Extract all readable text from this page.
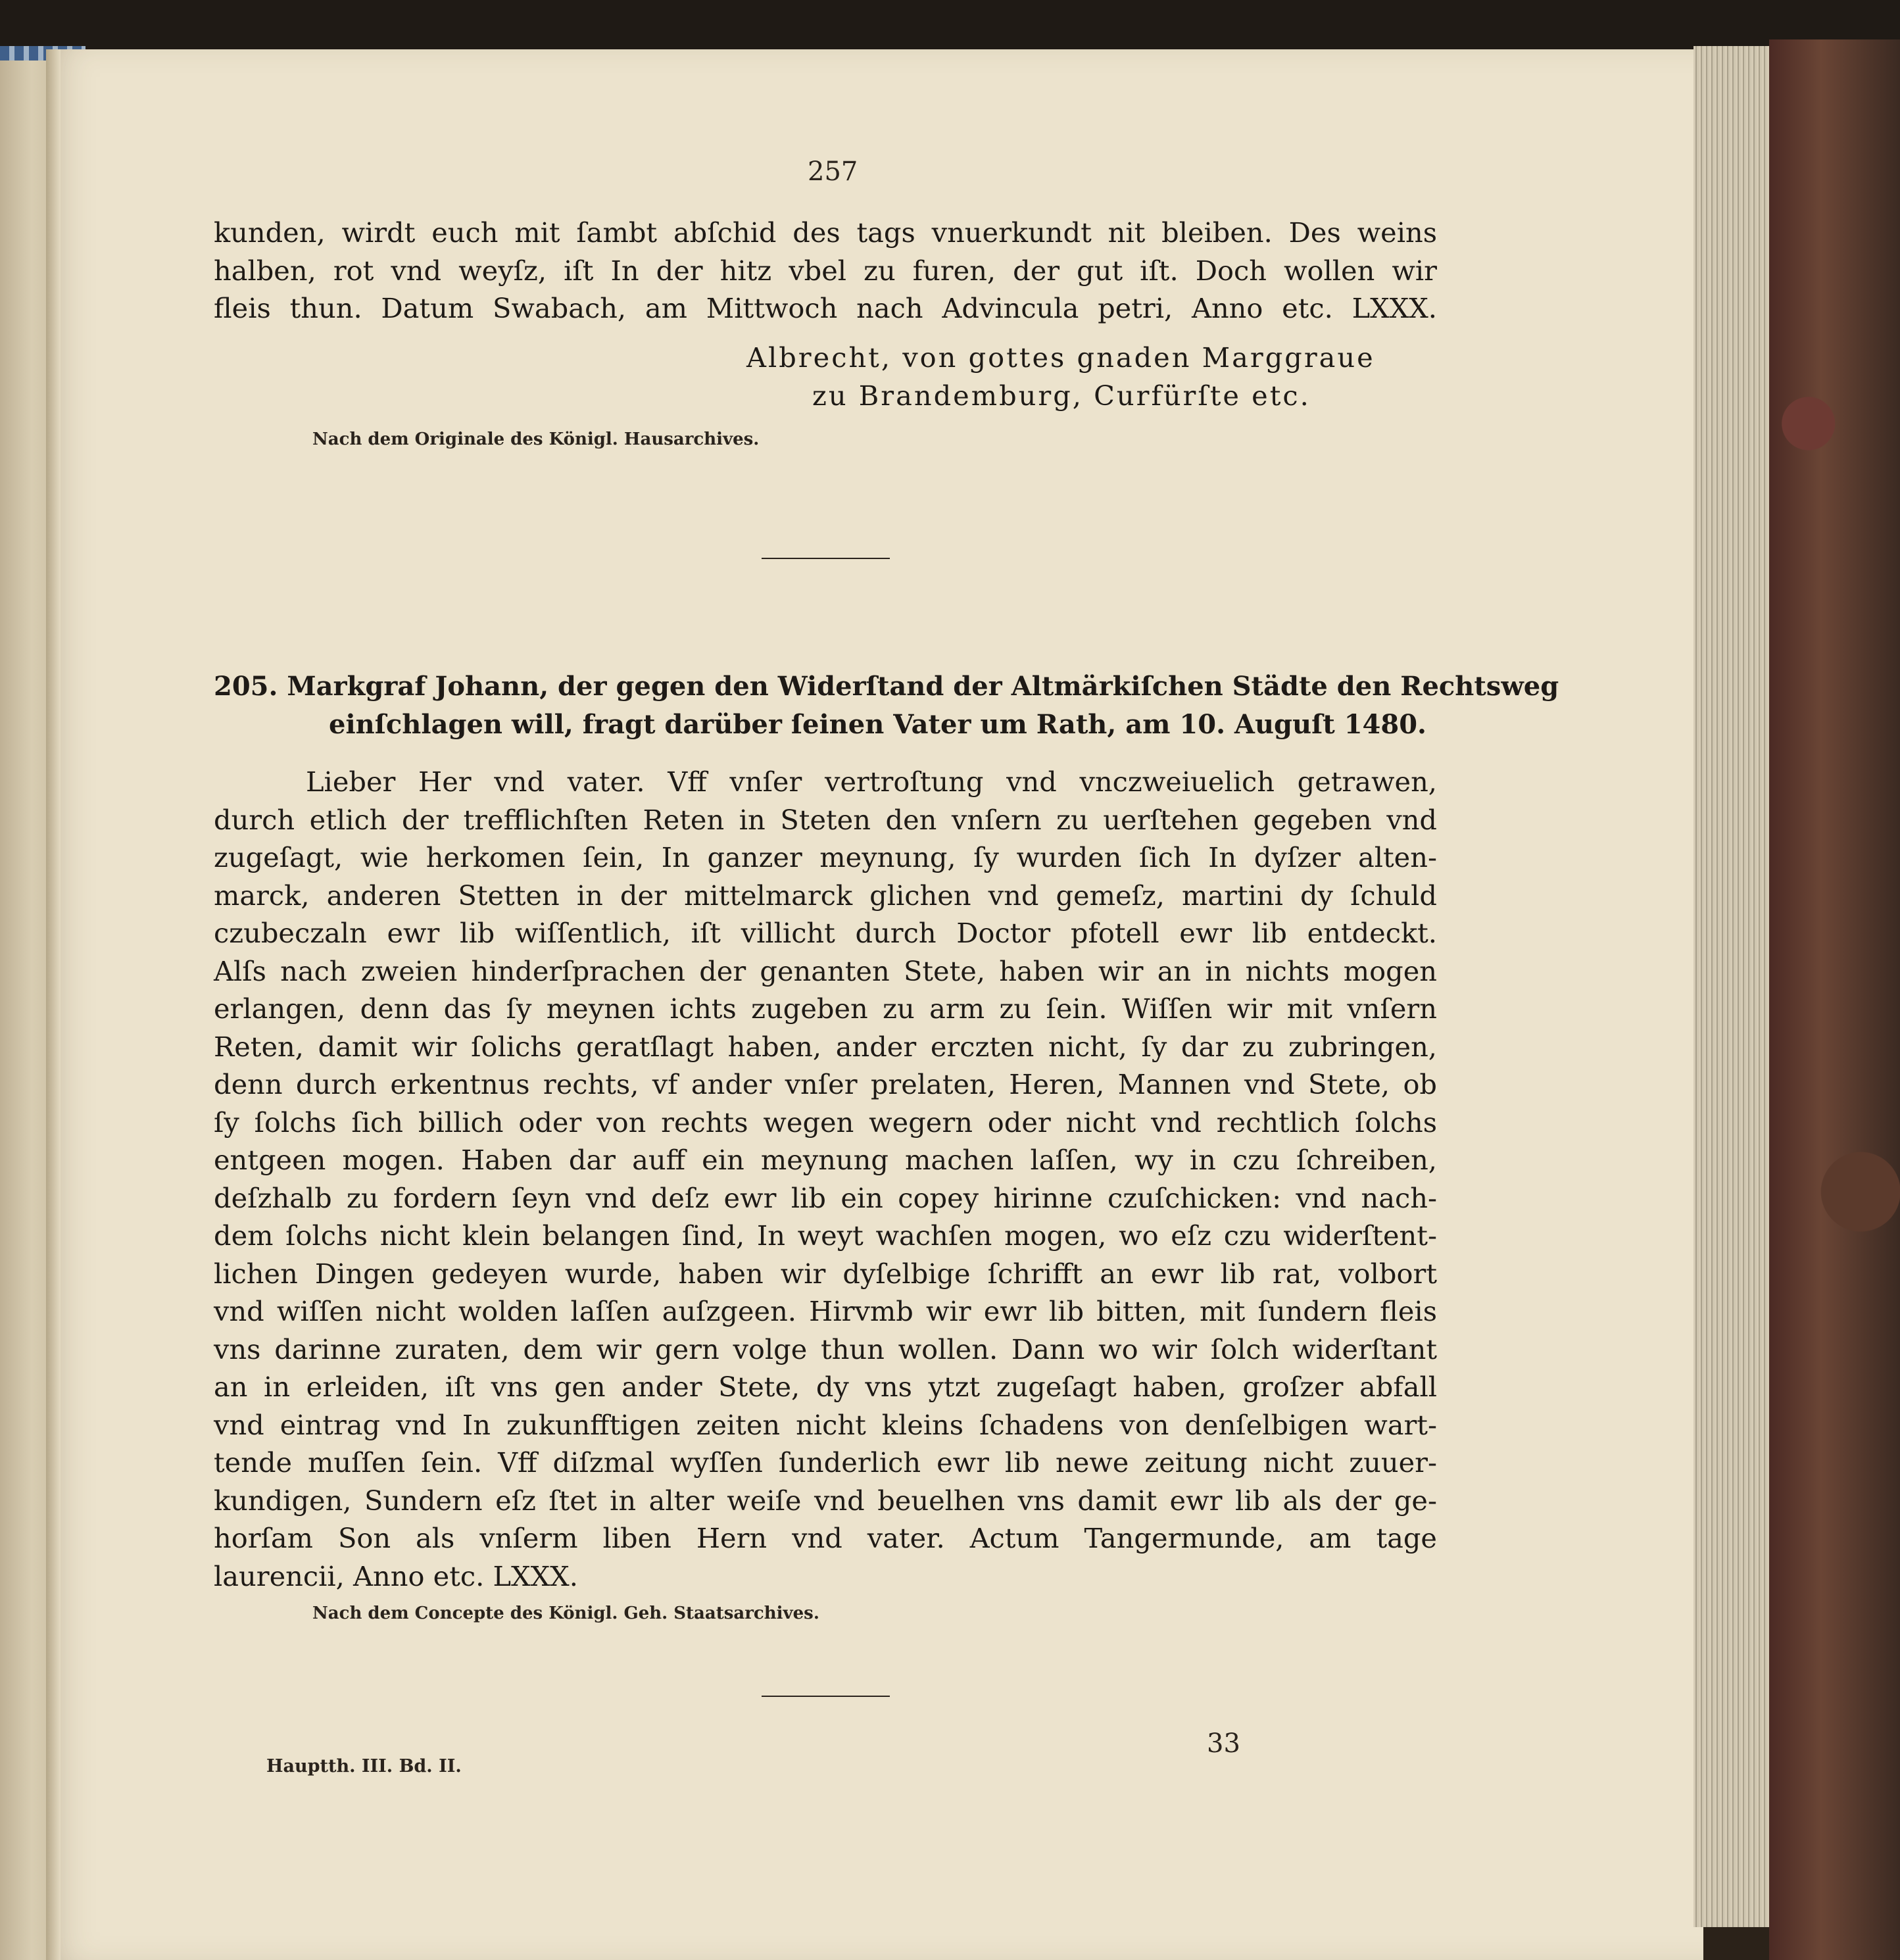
257

kunden, wirdt euch mit ſambt abſchid des tags vnuerkundt nit bleiben. Des weins
halben, rot vnd weyſz, iſt In der hitz vbel zu furen, der gut iſt. Doch wollen wir
fleis thun. Datum Swabach, am Mittwoch nach Advincula petri, Anno etc. LXXX.

Albrecht, von gottes gnaden Marggraue
zu Brandemburg, Curfürſte etc.
Nach dem Originale des Königl. Hausarchives.
205. Markgraf Johann, der gegen den Widerſtand der Altmärkiſchen Städte den Rechtsweg
einſchlagen will, fragt darüber ſeinen Vater um Rath, am 10. Auguſt 1480.

Lieber Her vnd vater. Vff vnſer vertroſtung vnd vnczweiuelich getrawen,
durch etlich der trefflichſten Reten in Steten den vnſern zu uerſtehen gegeben vnd
zugeſagt, wie herkomen ſein, In ganzer meynung, ſy wurden ſich In dyſzer alten-
marck, anderen Stetten in der mittelmarck glichen vnd gemeſz, martini dy ſchuld
czubeczaln ewr lib wiſſentlich, iſt villicht durch Doctor pfotell ewr lib entdeckt.
Alſs nach zweien hinderſprachen der genanten Stete, haben wir an in nichts mogen
erlangen, denn das ſy meynen ichts zugeben zu arm zu ſein. Wiſſen wir mit vnſern
Reten, damit wir ſolichs geratſlagt haben, ander erczten nicht, ſy dar zu zubringen,
denn durch erkentnus rechts, vf ander vnſer prelaten, Heren, Mannen vnd Stete, ob
ſy ſolchs ſich billich oder von rechts wegen wegern oder nicht vnd rechtlich ſolchs
entgeen mogen. Haben dar auff ein meynung machen laſſen, wy in czu ſchreiben,
deſzhalb zu fordern ſeyn vnd deſz ewr lib ein copey hirinne czuſchicken: vnd nach-
dem ſolchs nicht klein belangen ſind, In weyt wachſen mogen, wo eſz czu widerſtent-
lichen Dingen gedeyen wurde, haben wir dyſelbige ſchrifft an ewr lib rat, volbort
vnd wiſſen nicht wolden laſſen auſzgeen. Hirvmb wir ewr lib bitten, mit ſundern fleis
vns darinne zuraten, dem wir gern volge thun wollen. Dann wo wir ſolch widerſtant
an in erleiden, iſt vns gen ander Stete, dy vns ytzt zugeſagt haben, groſzer abfall
vnd eintrag vnd In zukunfftigen zeiten nicht kleins ſchadens von denſelbigen wart-
tende muſſen ſein. Vff diſzmal wyſſen ſunderlich ewr lib newe zeitung nicht zuuer-
kundigen, Sundern eſz ſtet in alter weiſe vnd beuelhen vns damit ewr lib als der ge-
horſam Son als vnſerm liben Hern vnd vater. Actum Tangermunde, am tage
laurencii, Anno etc. LXXX.

Nach dem Concepte des Königl. Geh. Staatsarchives.
Hauptth. III. Bd. II.
33
